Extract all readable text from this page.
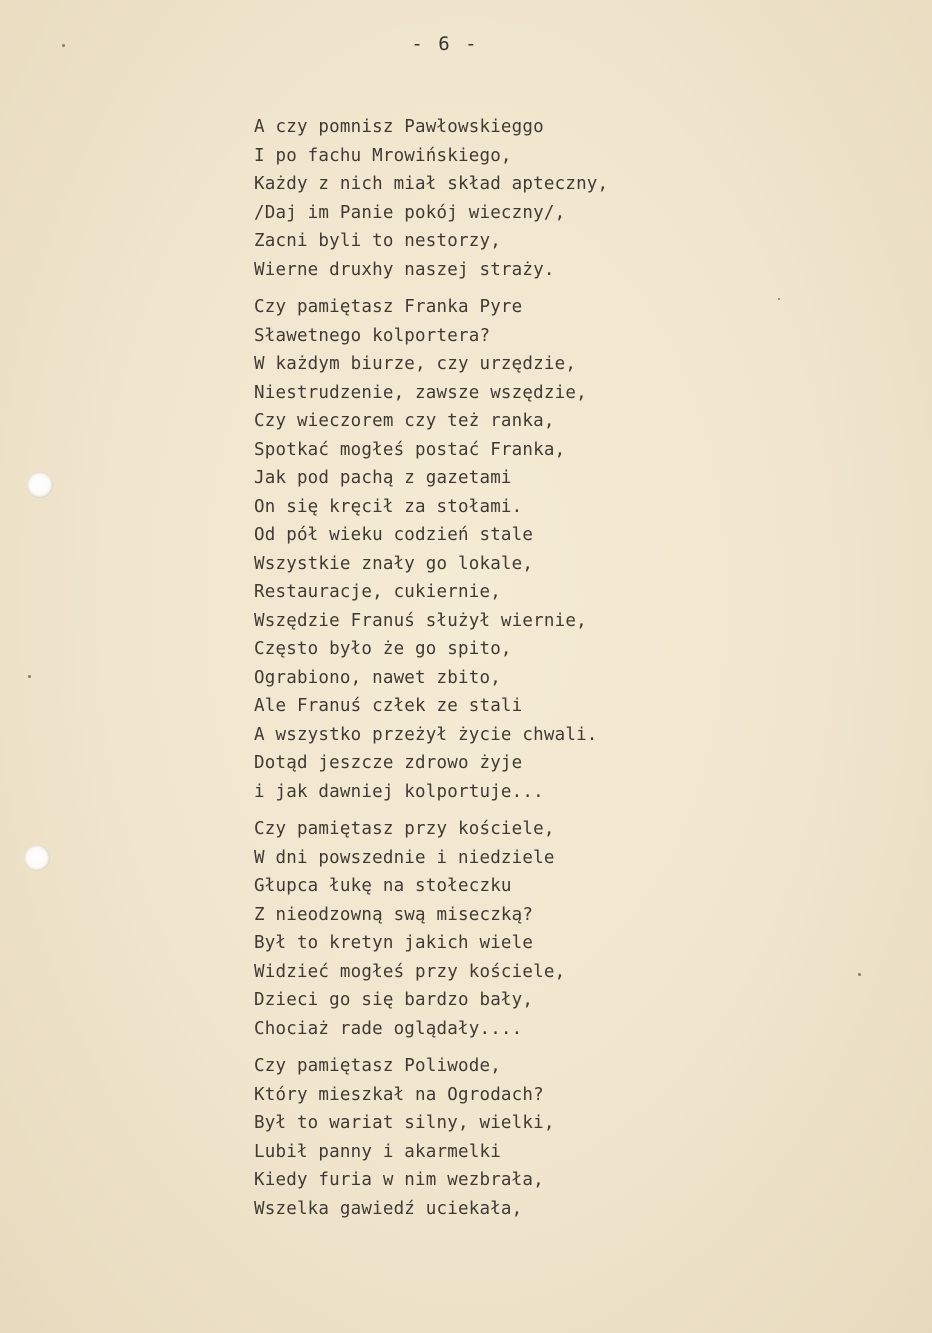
- 6 -
A czy pomnisz Pawłowskieggo
I po fachu Mrowińskiego,
Każdy z nich miał skład apteczny,
/Daj im Panie pokój wieczny/,
Zacni byli to nestorzy,
Wierne druxhy naszej straży.
Czy pamiętasz Franka Pyre
Sławetnego kolportera?
W każdym biurze, czy urzędzie,
Niestrudzenie, zawsze wszędzie,
Czy wieczorem czy też ranka,
Spotkać mogłeś postać Franka,
Jak pod pachą z gazetami
On się kręcił za stołami.
Od pół wieku codzień stale
Wszystkie znały go lokale,
Restauracje, cukiernie,
Wszędzie Franuś służył wiernie,
Często było że go spito,
Ograbiono, nawet zbito,
Ale Franuś człek ze stali
A wszystko przeżył życie chwali.
Dotąd jeszcze zdrowo żyje
i jak dawniej kolportuje...
Czy pamiętasz przy kościele,
W dni powszednie i niedziele
Głupca łukę na stołeczku
Z nieodzowną swą miseczką?
Był to kretyn jakich wiele
Widzieć mogłeś przy kościele,
Dzieci go się bardzo bały,
Chociaż rade oglądały....
Czy pamiętasz Poliwode,
Który mieszkał na Ogrodach?
Był to wariat silny, wielki,
Lubił panny i akarmelki
Kiedy furia w nim wezbrała,
Wszelka gawiedź uciekała,
